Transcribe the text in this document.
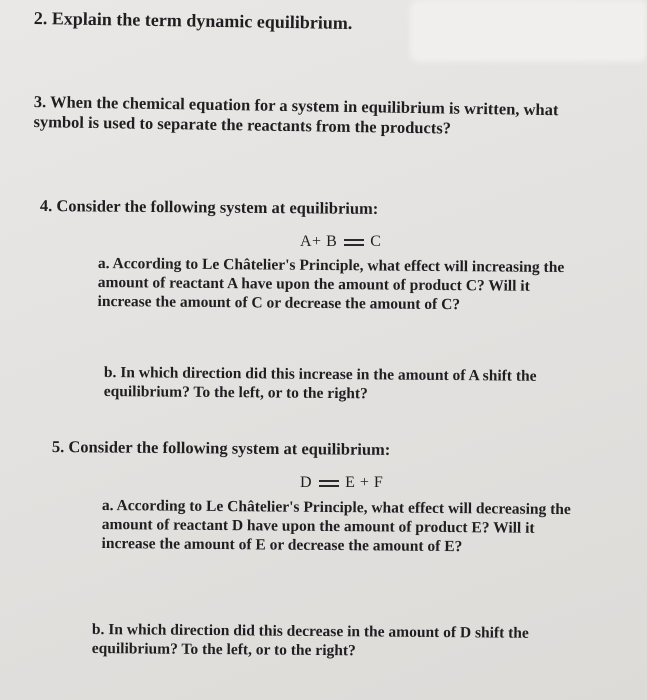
2. Explain the term dynamic equilibrium.
3. When the chemical equation for a system in equilibrium is written, what
symbol is used to separate the reactants from the products?
4. Consider the following system at equilibrium:
A+ B C
a. According to Le Châtelier's Principle, what effect will increasing the
amount of reactant A have upon the amount of product C? Will it
increase the amount of C or decrease the amount of C?
b. In which direction did this increase in the amount of A shift the
equilibrium? To the left, or to the right?
5. Consider the following system at equilibrium:
D E + F
a. According to Le Châtelier's Principle, what effect will decreasing the
amount of reactant D have upon the amount of product E? Will it
increase the amount of E or decrease the amount of E?
b. In which direction did this decrease in the amount of D shift the
equilibrium? To the left, or to the right?
